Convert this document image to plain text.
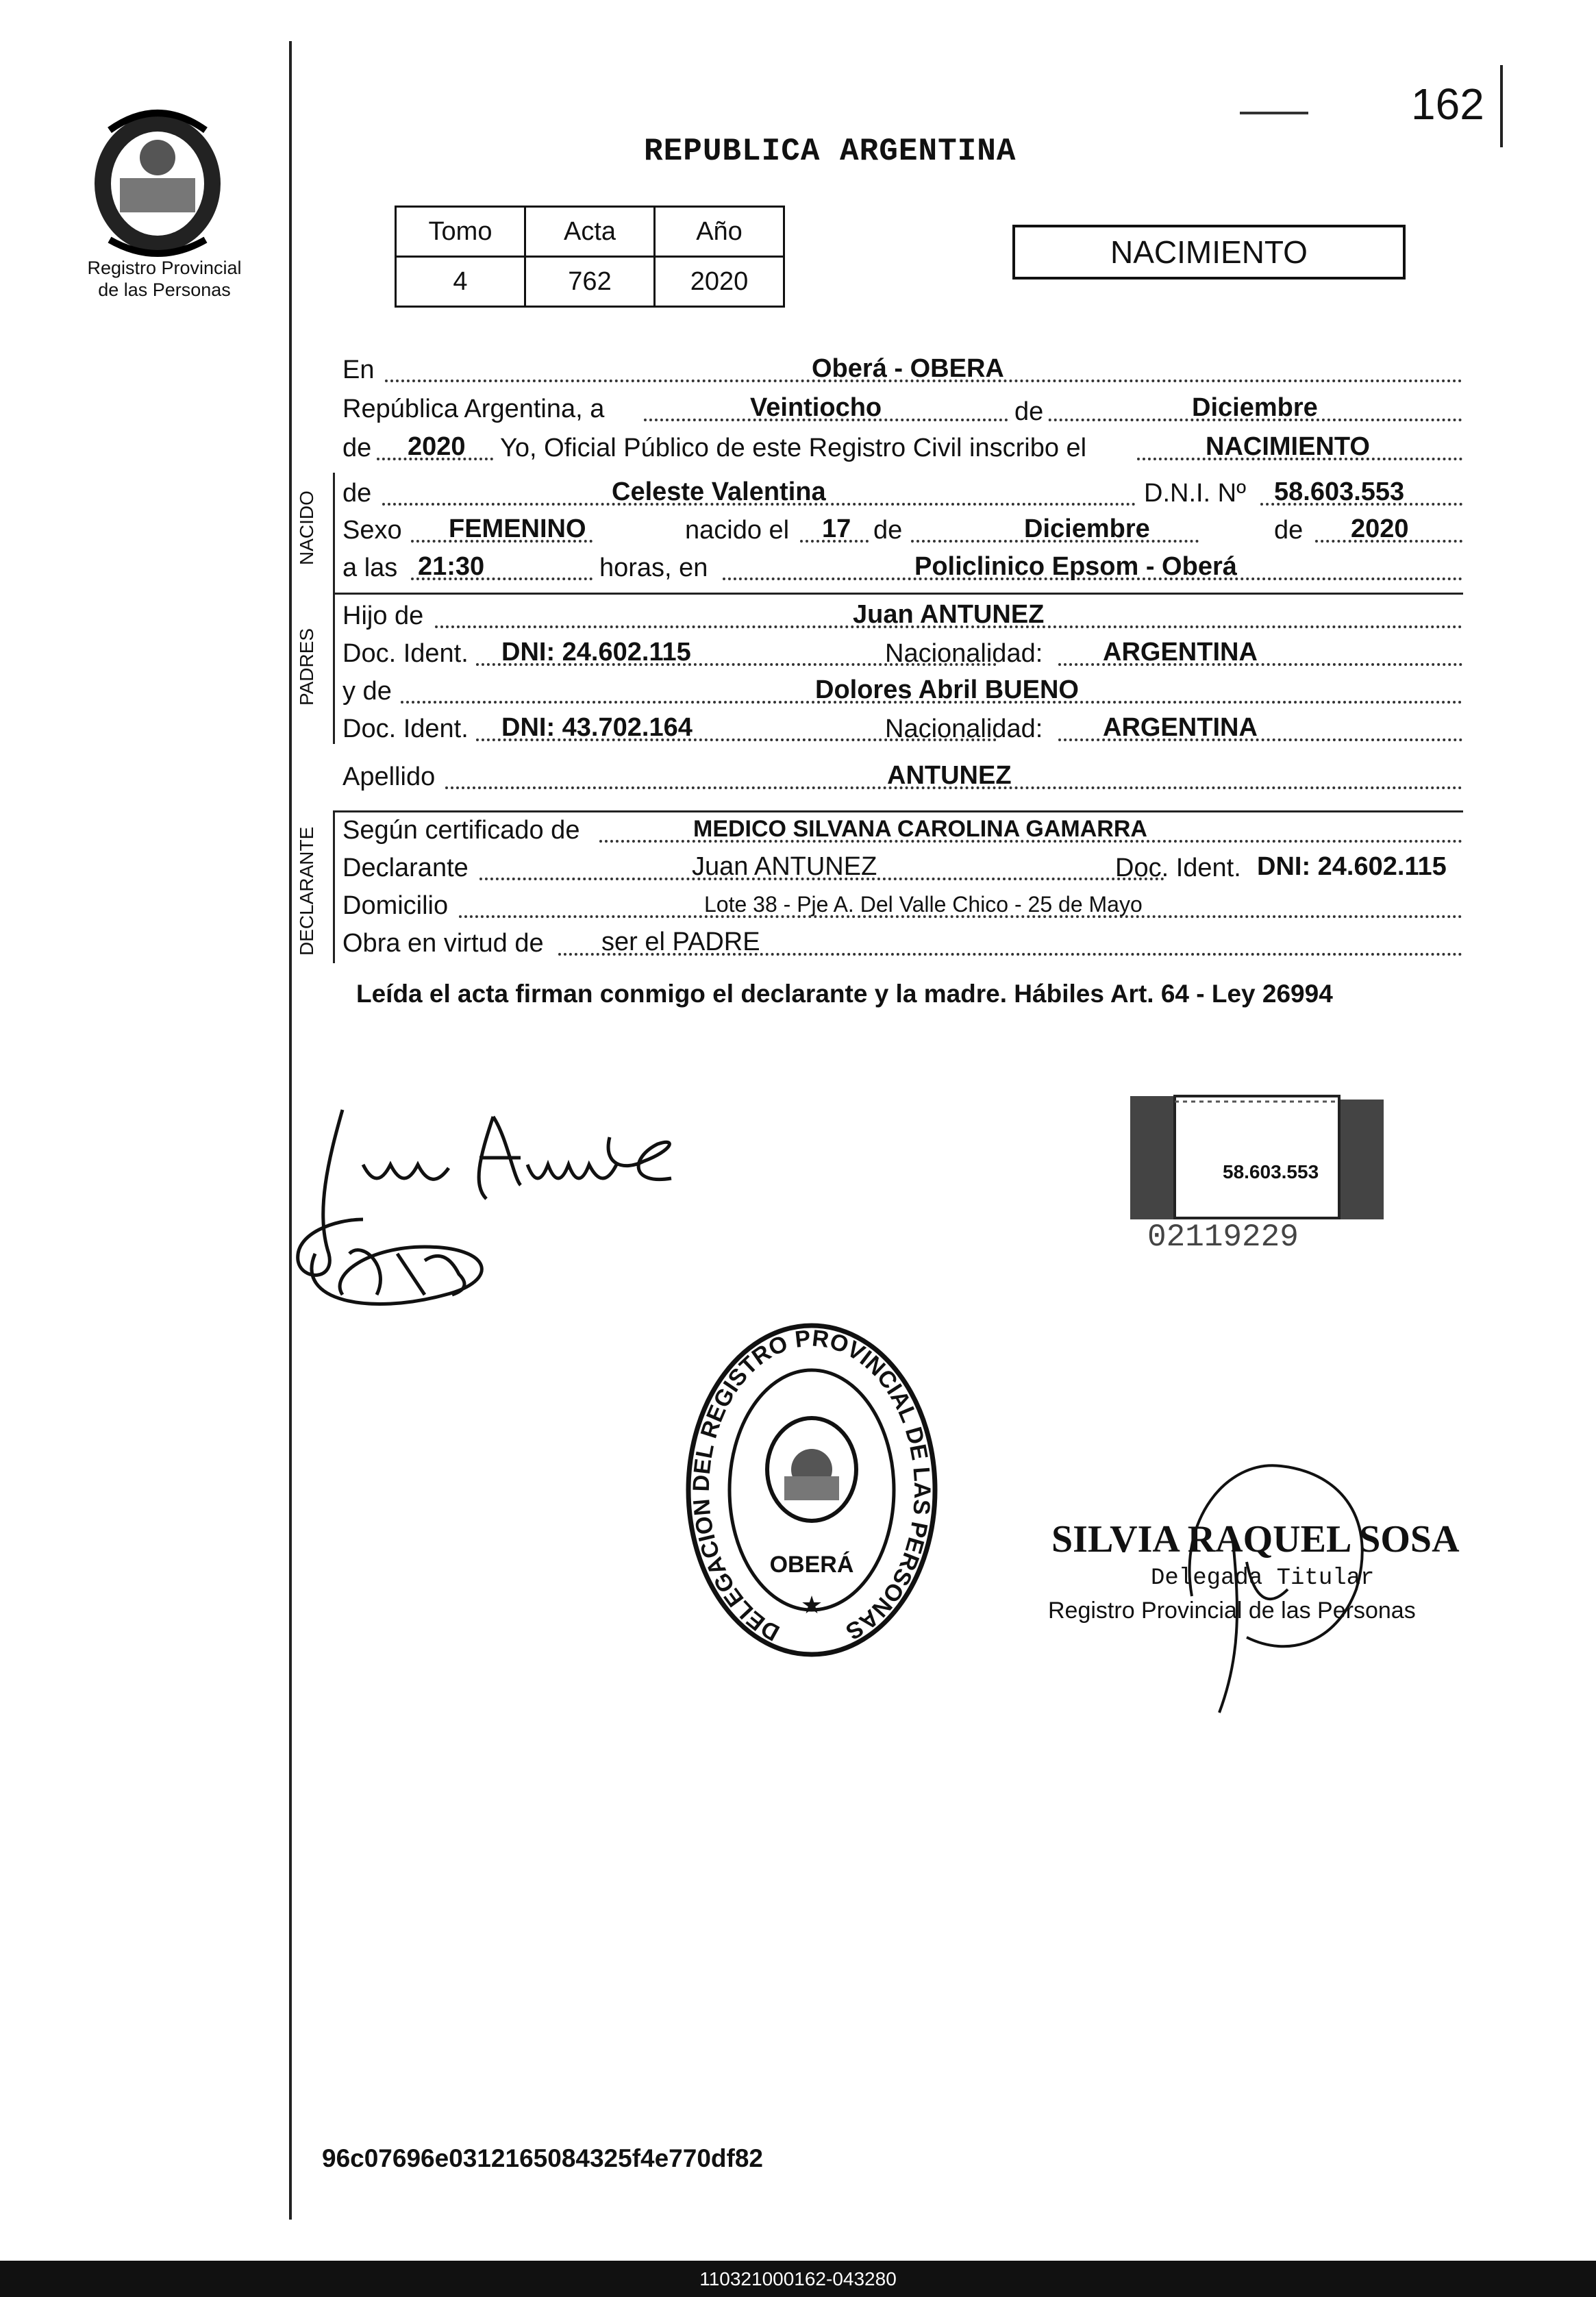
Registro Provincial
de las Personas
REPUBLICA ARGENTINA
162
Tomo	Acta	Año
4	762	2020
NACIMIENTO
En	Oberá - OBERA
República Argentina, a	Veintiocho	de	Diciembre
de 2020 Yo, Oficial Público de este Registro Civil inscribo el	NACIMIENTO
NACIDO de	Celeste Valentina	D.N.I. Nº 58.603.553
Sexo FEMENINO	nacido el 17 de	Diciembre	de 2020
a las 21:30	horas, en	Policlinico Epsom - Oberá
PADRES
Hijo de	Juan ANTUNEZ
Doc. Ident. DNI: 24.602.115	Nacionalidad: ARGENTINA
y de	Dolores Abril BUENO
Doc. Ident. DNI: 43.702.164	Nacionalidad: ARGENTINA
Apellido	ANTUNEZ
DECLARANTE Según certificado de	MEDICO SILVANA CAROLINA GAMARRA
Declarante	Juan ANTUNEZ	Doc. Ident. DNI: 24.602.115
Domicilio	Lote 38 - Pje A. Del Valle Chico - 25 de Mayo
Obra en virtud de ser el PADRE
Leída el acta firman conmigo el declarante y la madre. Hábiles Art. 64 - Ley 26994
58.603.553
02119229
DELEGACION DEL REGISTRO PROVINCIAL DE LAS PERSONAS
OBERÁ
★
SILVIA RAQUEL SOSA
Delegada Titular
Registro Provincial de las Personas
96c07696e0312165084325f4e770df82
110321000162-043280
